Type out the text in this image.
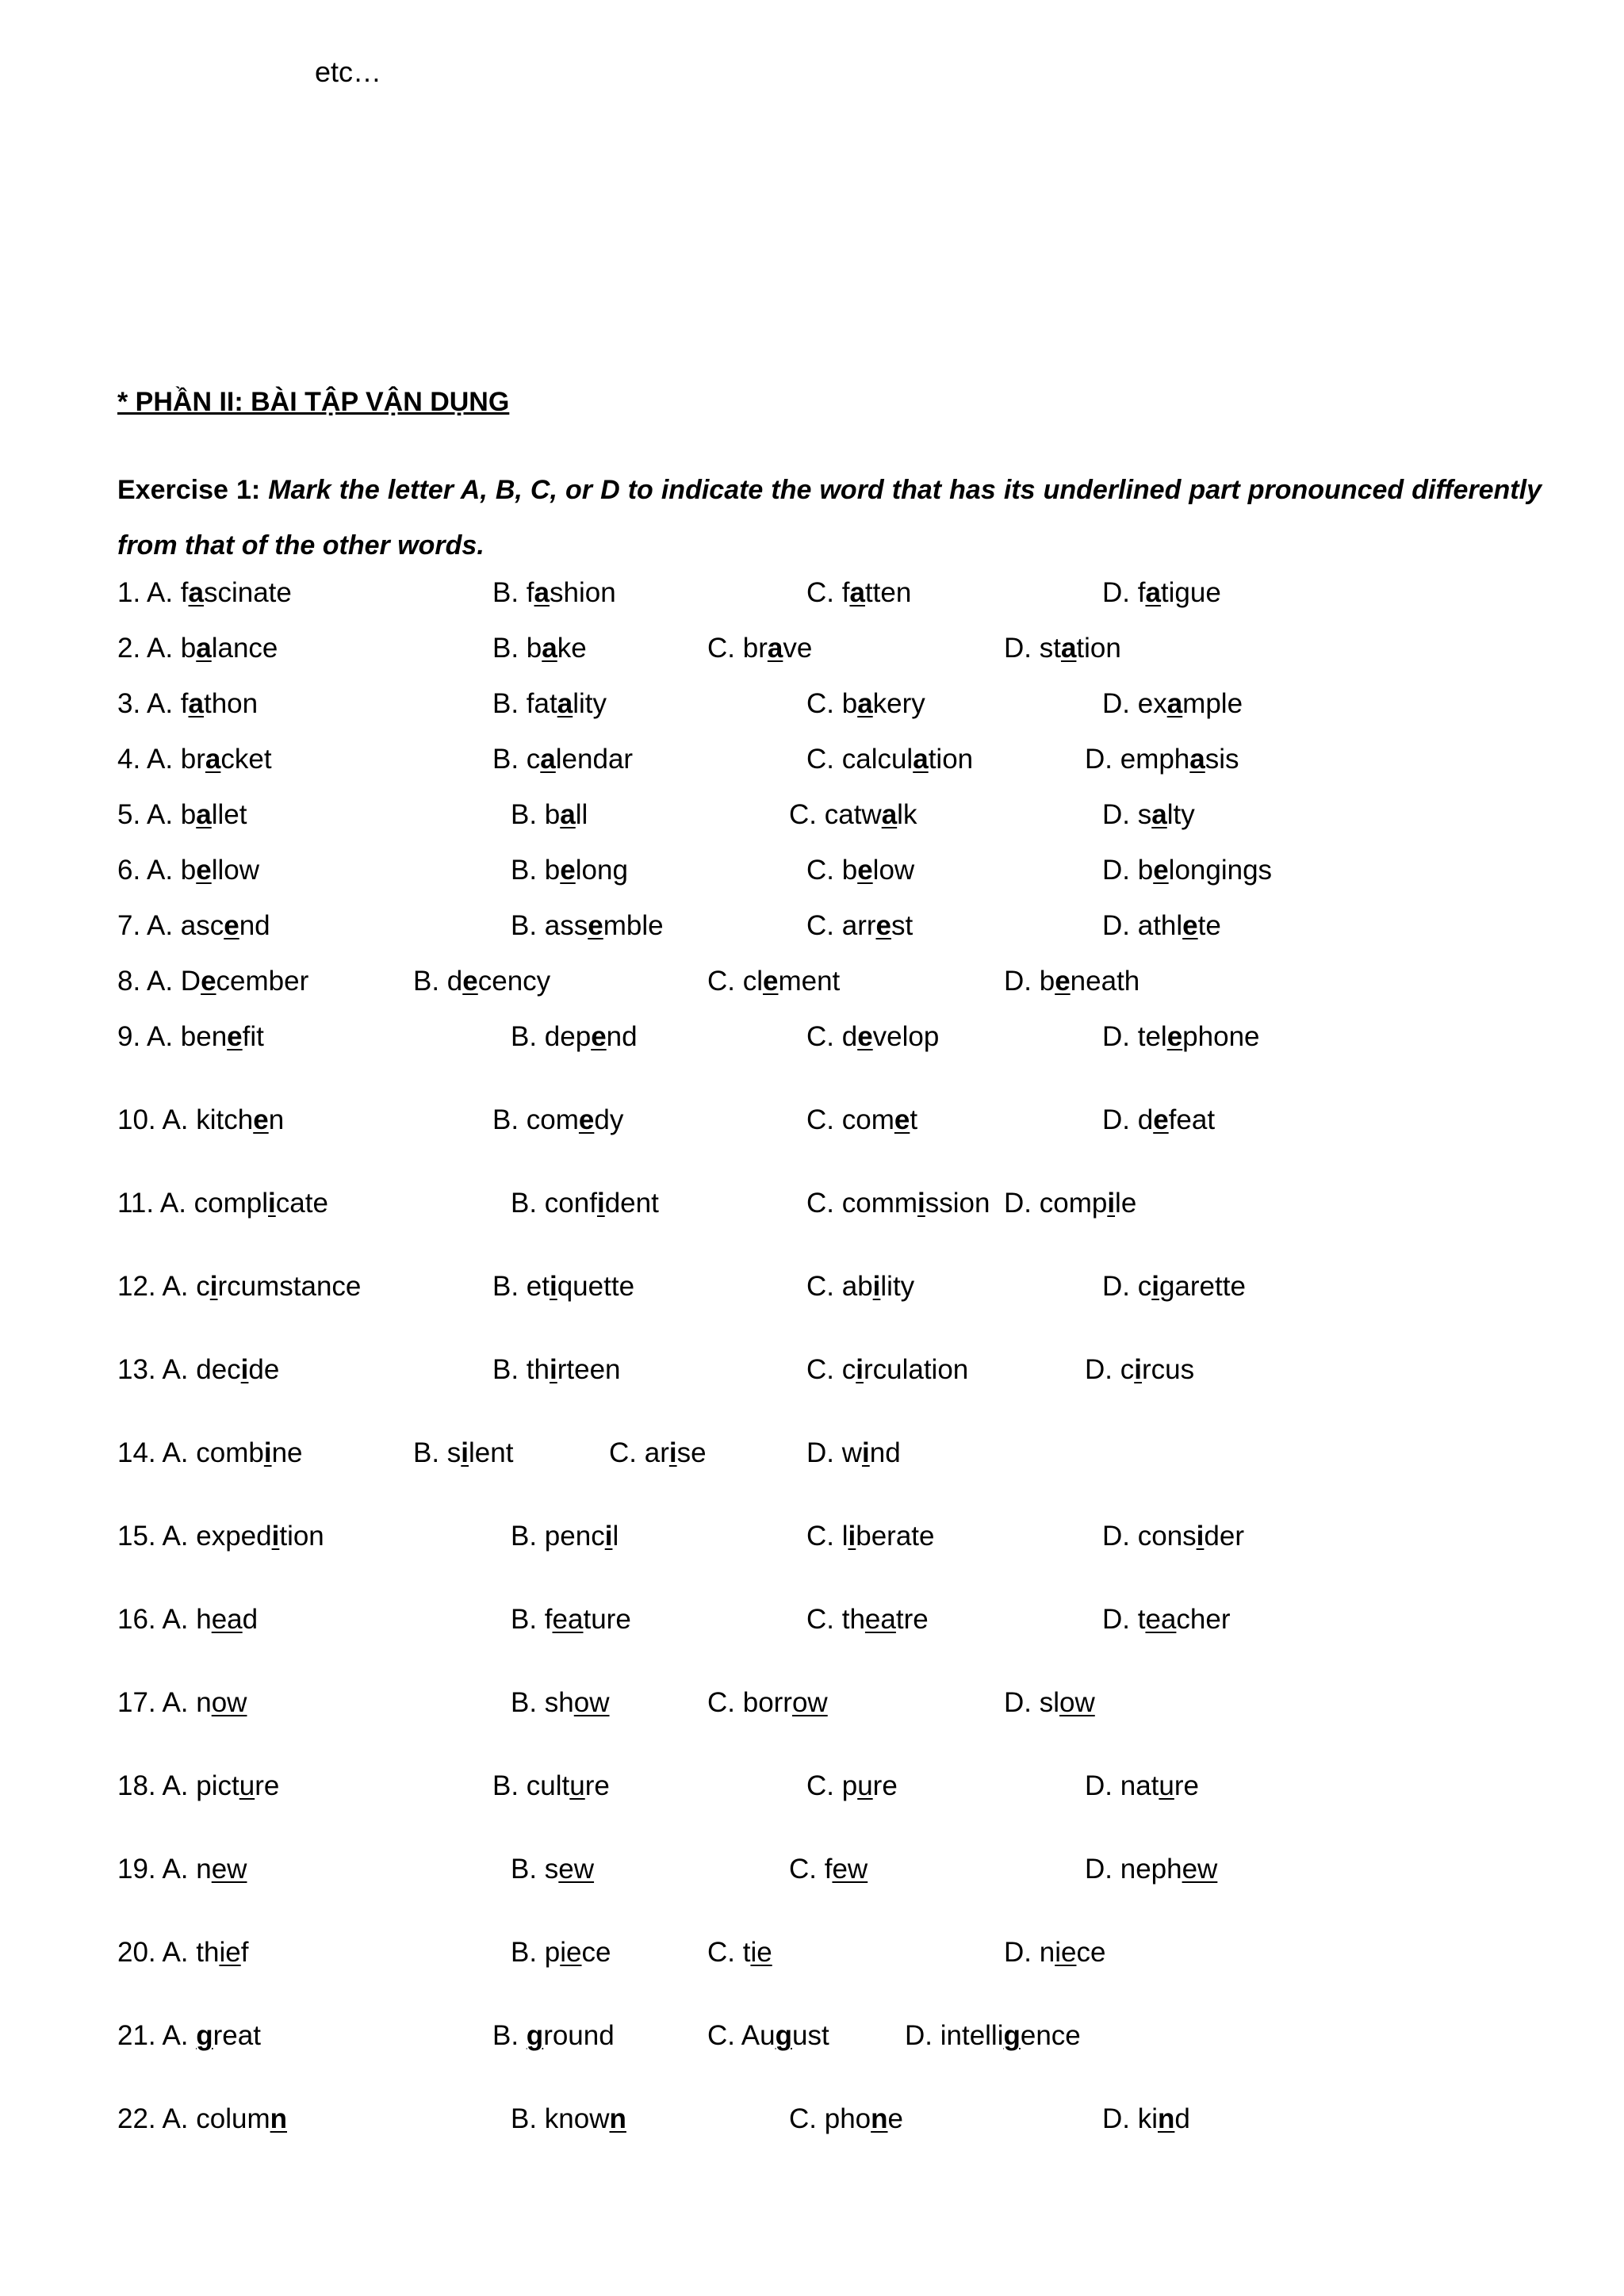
etc…
* PHẦN II: BÀI TẬP VẬN DỤNG
Exercise 1: Mark the letter A, B, C, or D to indicate the word that has its underlined part pronounced differently from that of the other words.
1. A. fascinate	B. fashion	C. fatten	D. fatigue
2. A. balance	B. bake	C. brave	D. station
3. A. fathon	B. fatality	C. bakery	D. example
4. A. bracket	B. calendar	C. calculation	D. emphasis
5. A. ballet	B. ball	C. catwalk	D. salty
6. A. bellow	B. belong	C. below	D. belongings
7. A. ascend	B. assemble	C. arrest	D. athlete
8. A. December	B. decency	C. clement	D. beneath
9. A. benefit	B. depend	C. develop	D. telephone
10. A. kitchen	B. comedy	C. comet	D. defeat
11. A. complicate	B. confident	C. commission D. compile
12. A. circumstance	B. etiquette	C. ability	D. cigarette
13. A. decide	B. thirteen	C. circulation	D. circus
14. A. combine	B. silent	C. arise	D. wind
15. A. expedition	B. pencil	C. liberate	D. consider
16. A. head	B. feature	C. theatre	D. teacher
17. A. now	B. show	C. borrow	D. slow
18. A. picture	B. culture	C. pure	D. nature
19. A. new	B. sew	C. few	D. nephew
20. A. thief	B. piece	C. tie	D. niece
21. A. great	B. ground	C. August	D. intelligence
22. A. column	B. known	C. phone	D. kind
